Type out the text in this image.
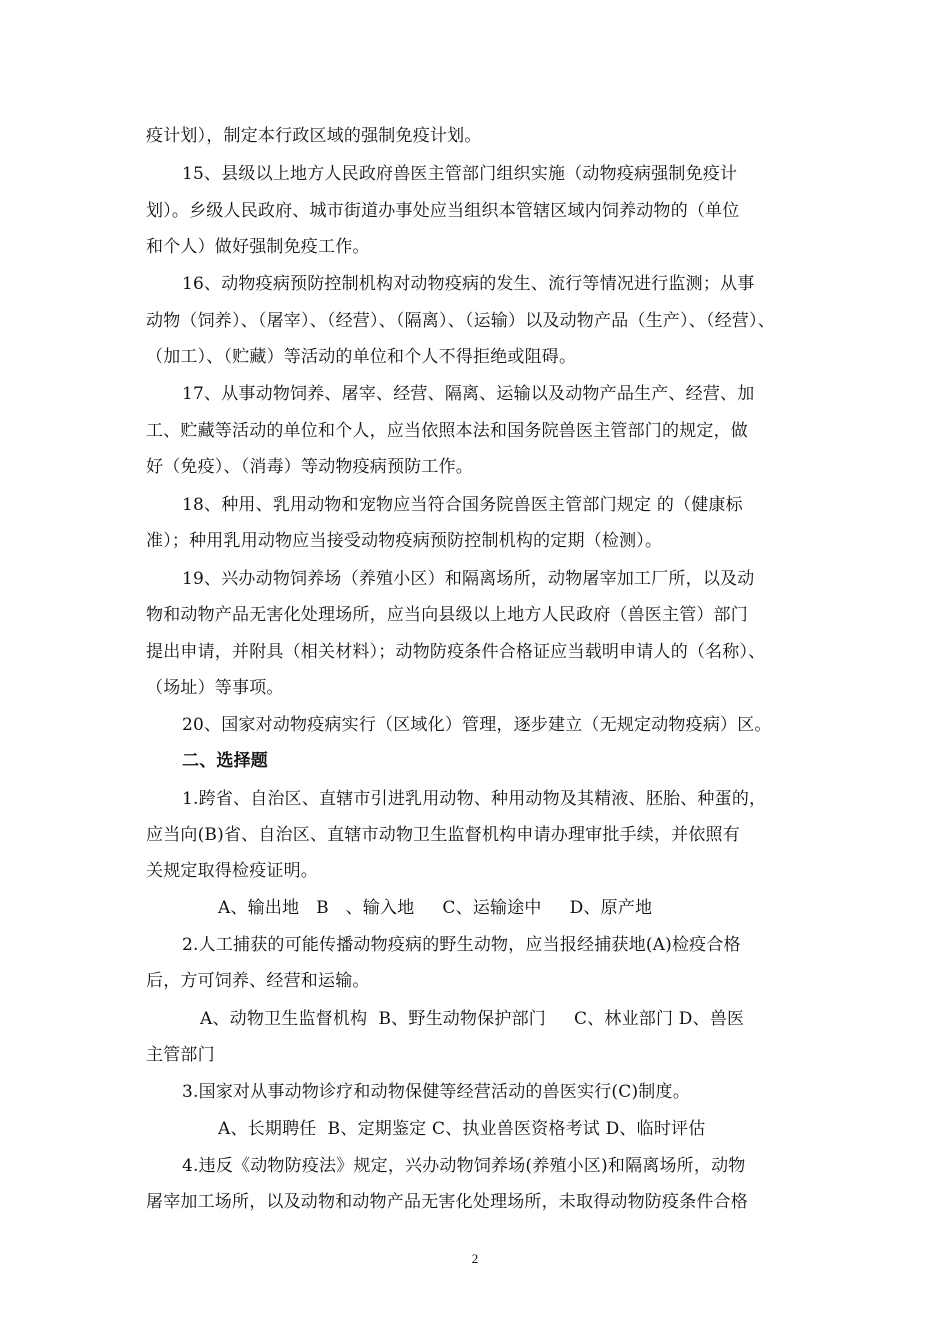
疫计划），制定本行政区域的强制免疫计划。
15、县级以上地方人民政府兽医主管部门组织实施（动物疫病强制免疫计
划）。乡级人民政府、城市街道办事处应当组织本管辖区域内饲养动物的（单位
和个人）做好强制免疫工作。
16、动物疫病预防控制机构对动物疫病的发生、流行等情况进行监测；从事
动物（饲养）、（屠宰）、（经营）、（隔离）、（运输）以及动物产品（生产）、（经营）、
（加工）、（贮藏）等活动的单位和个人不得拒绝或阻碍。
17、从事动物饲养、屠宰、经营、隔离、运输以及动物产品生产、经营、加
工、贮藏等活动的单位和个人，应当依照本法和国务院兽医主管部门的规定，做
好（免疫）、（消毒）等动物疫病预防工作。
18、种用、乳用动物和宠物应当符合国务院兽医主管部门规定 的（健康标
准）；种用乳用动物应当接受动物疫病预防控制机构的定期（检测）。
19、兴办动物饲养场（养殖小区）和隔离场所，动物屠宰加工厂所，以及动
物和动物产品无害化处理场所，应当向县级以上地方人民政府（兽医主管）部门
提出申请，并附具（相关材料）；动物防疫条件合格证应当载明申请人的（名称）、
（场址）等事项。
20、国家对动物疫病实行（区域化）管理，逐步建立（无规定动物疫病）区。
二、选择题
1.跨省、自治区、直辖市引进乳用动物、种用动物及其精液、胚胎、种蛋的，
应当向(B)省、自治区、直辖市动物卫生监督机构申请办理审批手续，并依照有
关规定取得检疫证明。
A、输出地   B   、输入地     C、运输途中     D、原产地
2.人工捕获的可能传播动物疫病的野生动物，应当报经捕获地(A)检疫合格
后，方可饲养、经营和运输。
A、动物卫生监督机构  B、野生动物保护部门     C、林业部门 D、兽医
主管部门
3.国家对从事动物诊疗和动物保健等经营活动的兽医实行(C)制度。
A、长期聘任  B、定期鉴定 C、执业兽医资格考试 D、临时评估
4.违反《动物防疫法》规定，兴办动物饲养场(养殖小区)和隔离场所，动物
屠宰加工场所，以及动物和动物产品无害化处理场所，未取得动物防疫条件合格
2
